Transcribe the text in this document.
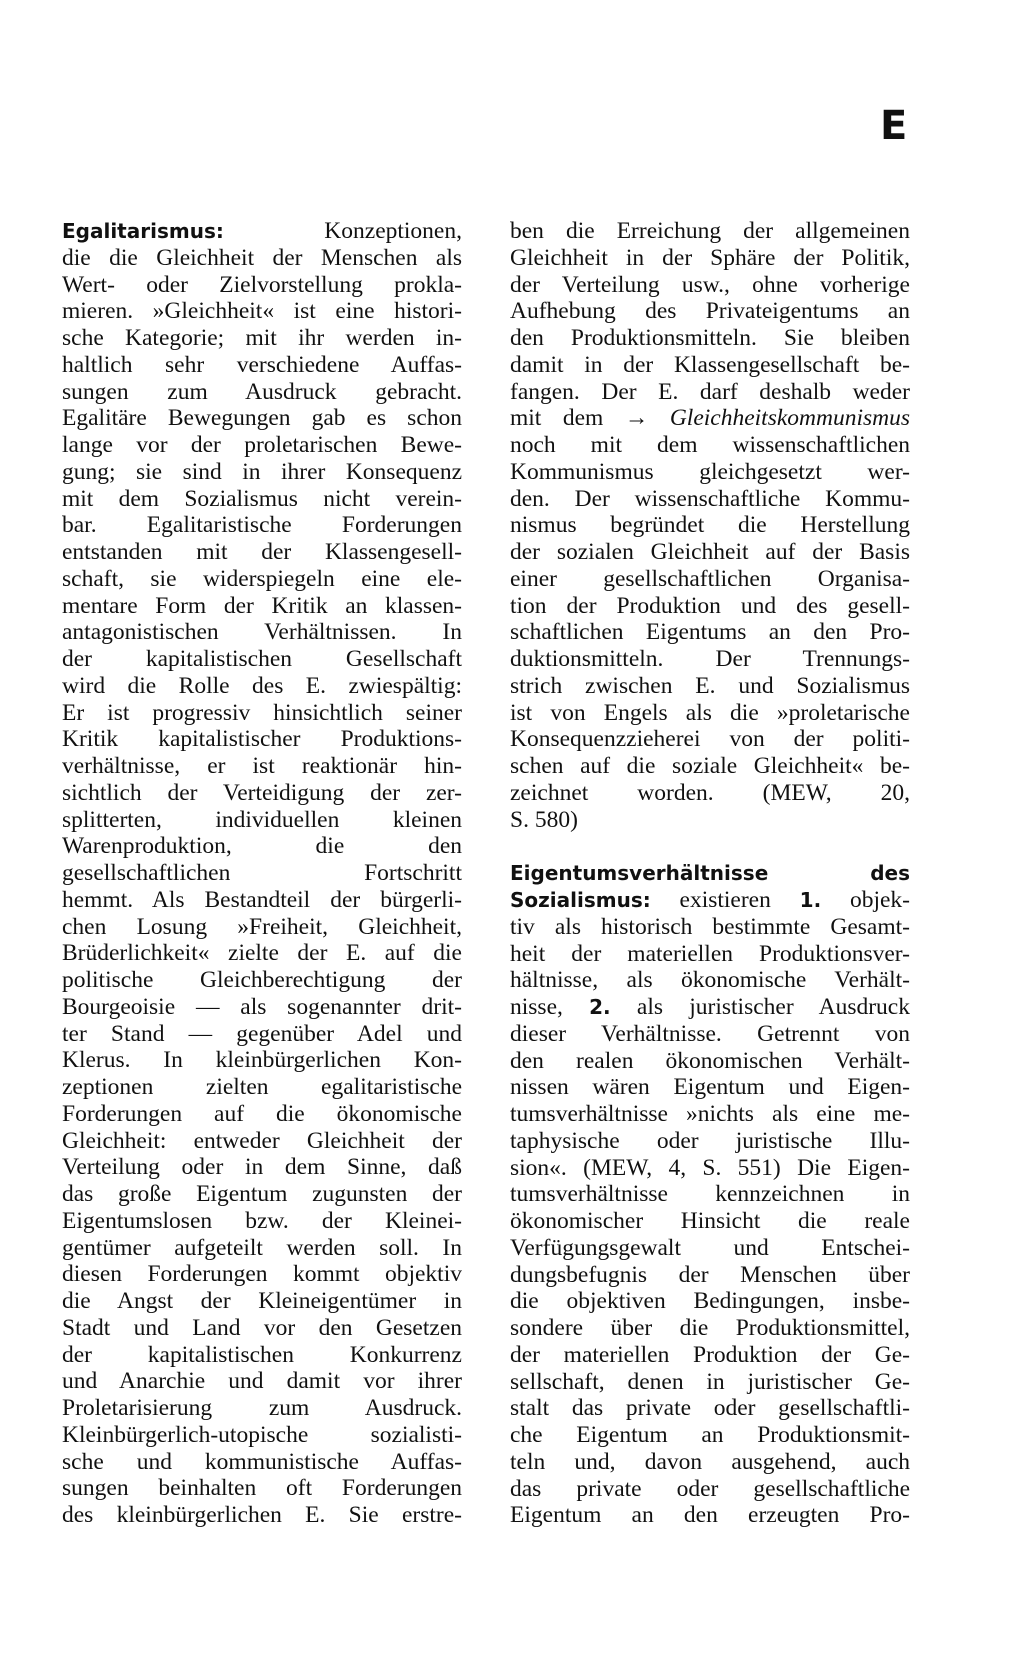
E
Egalitarismus:	Konzeptionen,
die die Gleichheit der Menschen als
Wert- oder Zielvorstellung prokla-
mieren. »Gleichheit« ist eine histori-
sche Kategorie; mit ihr werden in-
haltlich sehr verschiedene Auffas-
sungen zum Ausdruck gebracht.
Egalitäre Bewegungen gab es schon
lange vor der proletarischen Bewe-
gung; sie sind in ihrer Konsequenz
mit dem Sozialismus nicht verein-
bar. Egalitaristische Forderungen
entstanden mit der Klassengesell-
schaft, sie widerspiegeln eine ele-
mentare Form der Kritik an klassen-
antagonistischen Verhältnissen. In
der kapitalistischen Gesellschaft
wird die Rolle des E. zwiespältig:
Er ist progressiv hinsichtlich seiner
Kritik kapitalistischer Produktions-
verhältnisse, er ist reaktionär hin-
sichtlich der Verteidigung der zer-
splitterten, individuellen kleinen
Warenproduktion, die den
gesellschaftlichen Fortschritt
hemmt. Als Bestandteil der bürgerli-
chen Losung »Freiheit, Gleichheit,
Brüderlichkeit« zielte der E. auf die
politische Gleichberechtigung der
Bourgeoisie — als sogenannter drit-
ter Stand — gegenüber Adel und
Klerus. In kleinbürgerlichen Kon-
zeptionen zielten egalitaristische
Forderungen auf die ökonomische
Gleichheit: entweder Gleichheit der
Verteilung oder in dem Sinne, daß
das große Eigentum zugunsten der
Eigentumslosen bzw. der Kleinei-
gentümer aufgeteilt werden soll. In
diesen Forderungen kommt objektiv
die Angst der Kleineigentümer in
Stadt und Land vor den Gesetzen
der kapitalistischen Konkurrenz
und Anarchie und damit vor ihrer
Proletarisierung zum Ausdruck.
Kleinbürgerlich-utopische sozialisti-
sche und kommunistische Auffas-
sungen beinhalten oft Forderungen
des kleinbürgerlichen E. Sie erstre-
ben die Erreichung der allgemeinen
Gleichheit in der Sphäre der Politik,
der Verteilung usw., ohne vorherige
Aufhebung des Privateigentums an
den Produktionsmitteln. Sie bleiben
damit in der Klassengesellschaft be-
fangen. Der E. darf deshalb weder
mit dem → Gleichheitskommunismus
noch mit dem wissenschaftlichen
Kommunismus gleichgesetzt wer-
den. Der wissenschaftliche Kommu-
nismus begründet die Herstellung
der sozialen Gleichheit auf der Basis
einer gesellschaftlichen Organisa-
tion der Produktion und des gesell-
schaftlichen Eigentums an den Pro-
duktionsmitteln. Der Trennungs-
strich zwischen E. und Sozialismus
ist von Engels als die »proletarische
Konsequenzzieherei von der politi-
schen auf die soziale Gleichheit« be-
zeichnet worden. (MEW, 20,
S. 580)
Eigentumsverhältnisse des
Sozialismus: existieren 1. objek-
tiv als historisch bestimmte Gesamt-
heit der materiellen Produktionsver-
hältnisse, als ökonomische Verhält-
nisse, 2. als juristischer Ausdruck
dieser Verhältnisse. Getrennt von
den realen ökonomischen Verhält-
nissen wären Eigentum und Eigen-
tumsverhältnisse »nichts als eine me-
taphysische oder juristische Illu-
sion«. (MEW, 4, S. 551) Die Eigen-
tumsverhältnisse kennzeichnen in
ökonomischer Hinsicht die reale
Verfügungsgewalt und Entschei-
dungsbefugnis der Menschen über
die objektiven Bedingungen, insbe-
sondere über die Produktionsmittel,
der materiellen Produktion der Ge-
sellschaft, denen in juristischer Ge-
stalt das private oder gesellschaftli-
che Eigentum an Produktionsmit-
teln und, davon ausgehend, auch
das private oder gesellschaftliche
Eigentum an den erzeugten Pro-
